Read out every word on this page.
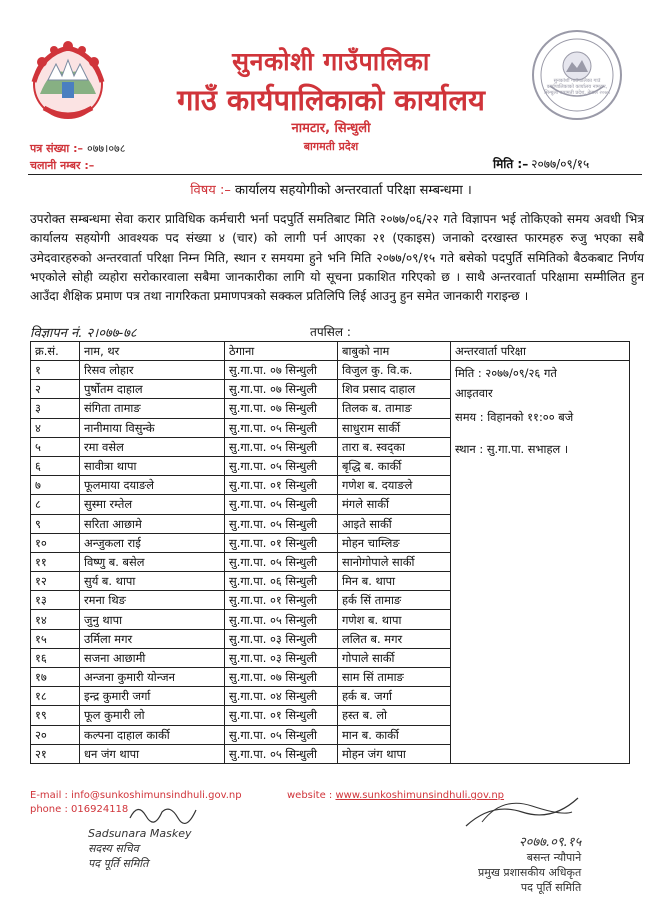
सुनकोशी गाउँपालिका गाउँ कार्यपालिकाको कार्यालय नामटार, सिन्धुली बागमती प्रदेश, नेपाल २०७५
सुनकोशी गाउँपालिका
गाउँ कार्यपालिकाको कार्यालय
नामटार, सिन्धुली
बागमती प्रदेश
पत्र संख्या :– ०७७।०७८
चलानी नम्बर :–	मिति :– २०७७/०९/१५
विषय :– कार्यालय सहयोगीको अन्तरवार्ता परिक्षा सम्बन्धमा ।
उपरोक्त सम्बन्धमा सेवा करार प्राविधिक कर्मचारी भर्ना पदपुर्ति समतिबाट मिति २०७७/०६/२२ गते विज्ञापन भई तोकिएको समय अवधी भित्र कार्यालय सहयोगी आवश्यक पद संख्या ४ (चार) को लागी पर्न आएका २१ (एकाइस) जनाको दरखास्त फारमहरु रुजु भएका सबै उमेदवारहरुको अन्तरवार्ता परिक्षा निम्न मिति, स्थान र समयमा हुने भनि मिति २०७७/०९/१५ गते बसेको पदपुर्ति समितिको बैठकबाट निर्णय भएकोले सोही व्यहोरा सरोकारवाला सबैमा जानकारीका लागि यो सूचना प्रकाशित गरिएको छ । साथै अन्तरवार्ता परिक्षामा सम्मीलित हुन आउँदा शैक्षिक प्रमाण पत्र तथा नागरिकता प्रमाणपत्रको सक्कल प्रतिलिपि लिई आउनु हुन समेत जानकारी गराइन्छ ।
विज्ञापन नं. २।०७७-७८	तपसिल :
क्र.सं.	नाम, थर	ठेगाना	बाबुको नाम	अन्तरवार्ता परिक्षा
१	रिसव लोहार	सु.गा.पा. ०७ सिन्धुली	विजुल कु. वि.क.	मिति : २०७७/०९/२६ गते
आइतवार
समय : विहानको ११:०० बजे
स्थान : सु.गा.पा. सभाहल ।

२	पुर्षोतम दाहाल	सु.गा.पा. ०७ सिन्धुली	शिव प्रसाद दाहाल	
३	संगिता तामाङ	सु.गा.पा. ०७ सिन्धुली	तिलक ब. तामाङ	
४	नानीमाया विसुन्के	सु.गा.पा. ०५ सिन्धुली	साधुराम सार्की	
५	रमा वसेल	सु.गा.पा. ०५ सिन्धुली	तारा ब. स्वद्का	
६	सावीत्रा थापा	सु.गा.पा. ०५ सिन्धुली	बृद्धि ब. कार्की	
७	फूलमाया दयाङले	सु.गा.पा. ०१ सिन्धुली	गणेश ब. दयाङले	
८	सुस्मा रम्तेल	सु.गा.पा. ०५ सिन्धुली	मंगले सार्की	
९	सरिता आछामे	सु.गा.पा. ०५ सिन्धुली	आइते सार्की	
१०	अन्जुकला राई	सु.गा.पा. ०१ सिन्धुली	मोहन चाम्लिङ	
११	विष्णु ब. बसेल	सु.गा.पा. ०५ सिन्धुली	सानोगोपाले सार्की	
१२	सुर्य ब. थापा	सु.गा.पा. ०६ सिन्धुली	मिन ब. थापा	
१३	रमना थिङ	सु.गा.पा. ०१ सिन्धुली	हर्क सिं तामाङ	
१४	जुनु थापा	सु.गा.पा. ०५ सिन्धुली	गणेश ब. थापा	
१५	उर्मिला मगर	सु.गा.पा. ०३ सिन्धुली	ललित ब. मगर	
१६	सजना आछामी	सु.गा.पा. ०३ सिन्धुली	गोपाले सार्की	
१७	अन्जना कुमारी योन्जन	सु.गा.पा. ०७ सिन्धुली	साम सिं तामाङ	
१८	इन्द्र कुमारी जर्गा	सु.गा.पा. ०४ सिन्धुली	हर्क ब. जर्गा	
१९	फूल कुमारी लो	सु.गा.पा. ०१ सिन्धुली	हस्त ब. लो	
२०	कल्पना दाहाल कार्की	सु.गा.पा. ०५ सिन्धुली	मान ब. कार्की	
२१	धन जंग थापा	सु.गा.पा. ०५ सिन्धुली	मोहन जंग थापा	
E-mail : info@sunkoshimunsindhuli.gov.np
phone : 016924118
website : www.sunkoshimunsindhuli.gov.np
Sadsunara Maskey
सदस्य सचिव
पद पूर्ति समिति
२०७७.०९.१५
बसन्त न्यौपाने
प्रमुख प्रशासकीय अधिकृत
पद पूर्ति समिति
